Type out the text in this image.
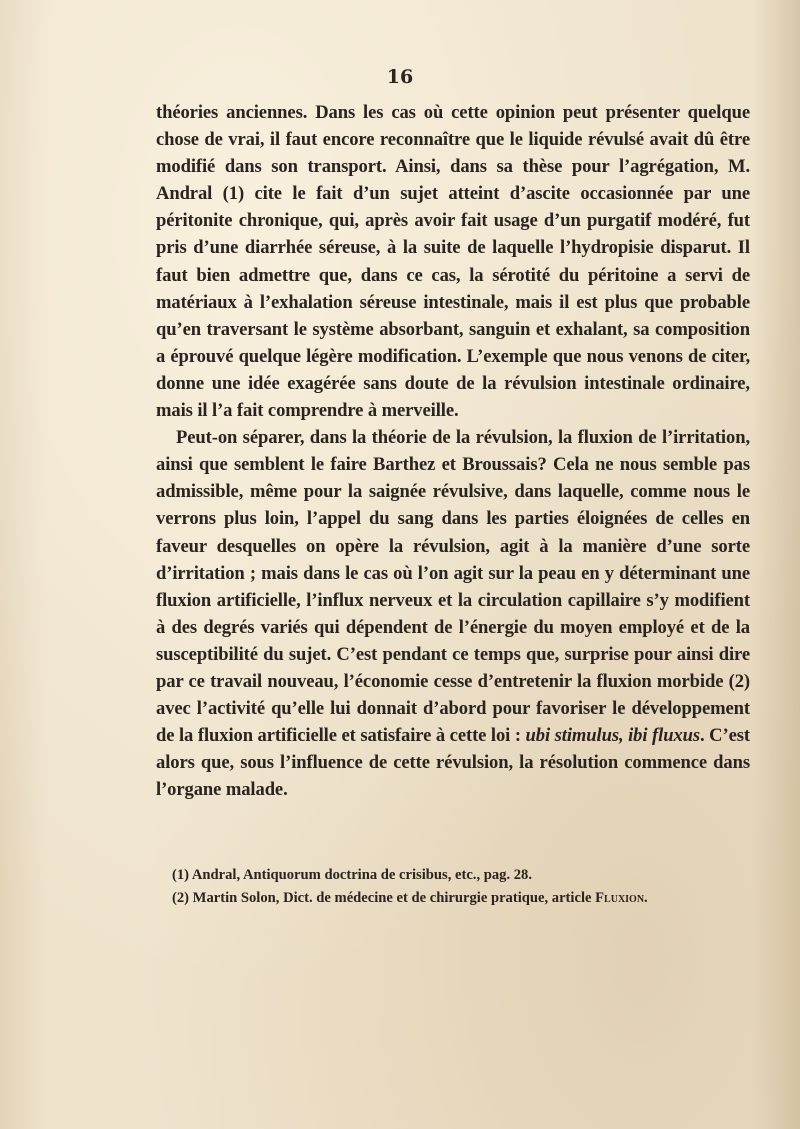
16

théories anciennes. Dans les cas où cette opinion peut présenter quelque chose de vrai, il faut encore reconnaître que le liquide révulsé avait dû être modifié dans son transport. Ainsi, dans sa thèse pour l’agrégation, M. Andral (1) cite le fait d’un sujet atteint d’ascite occasionnée par une péritonite chronique, qui, après avoir fait usage d’un purgatif modéré, fut pris d’une diarrhée séreuse, à la suite de laquelle l’hydropisie disparut. Il faut bien admettre que, dans ce cas, la sérotité du péritoine a servi de matériaux à l’exhalation séreuse intestinale, mais il est plus que probable qu’en traversant le système absorbant, sanguin et exhalant, sa composition a éprouvé quelque légère modification. L’exemple que nous venons de citer, donne une idée exagérée sans doute de la révulsion intestinale ordinaire, mais il l’a fait comprendre à merveille.

Peut-on séparer, dans la théorie de la révulsion, la fluxion de l’irritation, ainsi que semblent le faire Barthez et Broussais? Cela ne nous semble pas admissible, même pour la saignée révulsive, dans laquelle, comme nous le verrons plus loin, l’appel du sang dans les parties éloignées de celles en faveur desquelles on opère la révulsion, agit à la manière d’une sorte d’irritation ; mais dans le cas où l’on agit sur la peau en y déterminant une fluxion artificielle, l’influx nerveux et la circulation capillaire s’y modifient à des degrés variés qui dépendent de l’énergie du moyen employé et de la susceptibilité du sujet. C’est pendant ce temps que, surprise pour ainsi dire par ce travail nouveau, l’économie cesse d’entretenir la fluxion morbide (2) avec l’activité qu’elle lui donnait d’abord pour favoriser le développement de la fluxion artificielle et satisfaire à cette loi : ubi stimulus, ibi fluxus. C’est alors que, sous l’influence de cette révulsion, la résolution commence dans l’organe malade.

(1) Andral, Antiquorum doctrina de crisibus, etc., pag. 28.

(2) Martin Solon, Dict. de médecine et de chirurgie pratique, article Fluxion.
